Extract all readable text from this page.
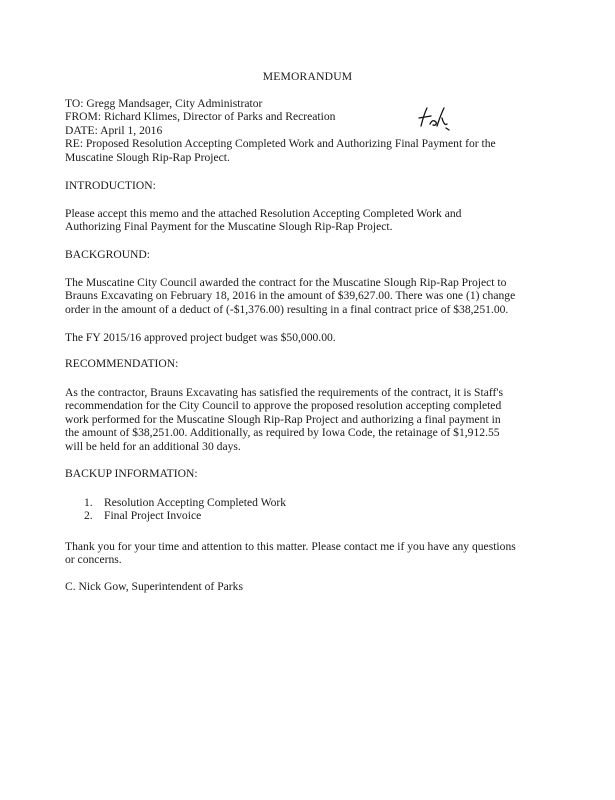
MEMORANDUM
TO: Gregg Mandsager, City Administrator
FROM: Richard Klimes, Director of Parks and Recreation
DATE: April 1, 2016
RE: Proposed Resolution Accepting Completed Work and Authorizing Final Payment for the
Muscatine Slough Rip-Rap Project.
INTRODUCTION:
Please accept this memo and the attached Resolution Accepting Completed Work and
Authorizing Final Payment for the Muscatine Slough Rip-Rap Project.
BACKGROUND:
The Muscatine City Council awarded the contract for the Muscatine Slough Rip-Rap Project to
Brauns Excavating on February 18, 2016 in the amount of $39,627.00. There was one (1) change
order in the amount of a deduct of (-$1,376.00) resulting in a final contract price of $38,251.00.
The FY 2015/16 approved project budget was $50,000.00.
RECOMMENDATION:
As the contractor, Brauns Excavating has satisfied the requirements of the contract, it is Staff's
recommendation for the City Council to approve the proposed resolution accepting completed
work performed for the Muscatine Slough Rip-Rap Project and authorizing a final payment in
the amount of $38,251.00. Additionally, as required by Iowa Code, the retainage of $1,912.55
will be held for an additional 30 days.
BACKUP INFORMATION:
1. Resolution Accepting Completed Work
2. Final Project Invoice
Thank you for your time and attention to this matter. Please contact me if you have any questions
or concerns.
C. Nick Gow, Superintendent of Parks
